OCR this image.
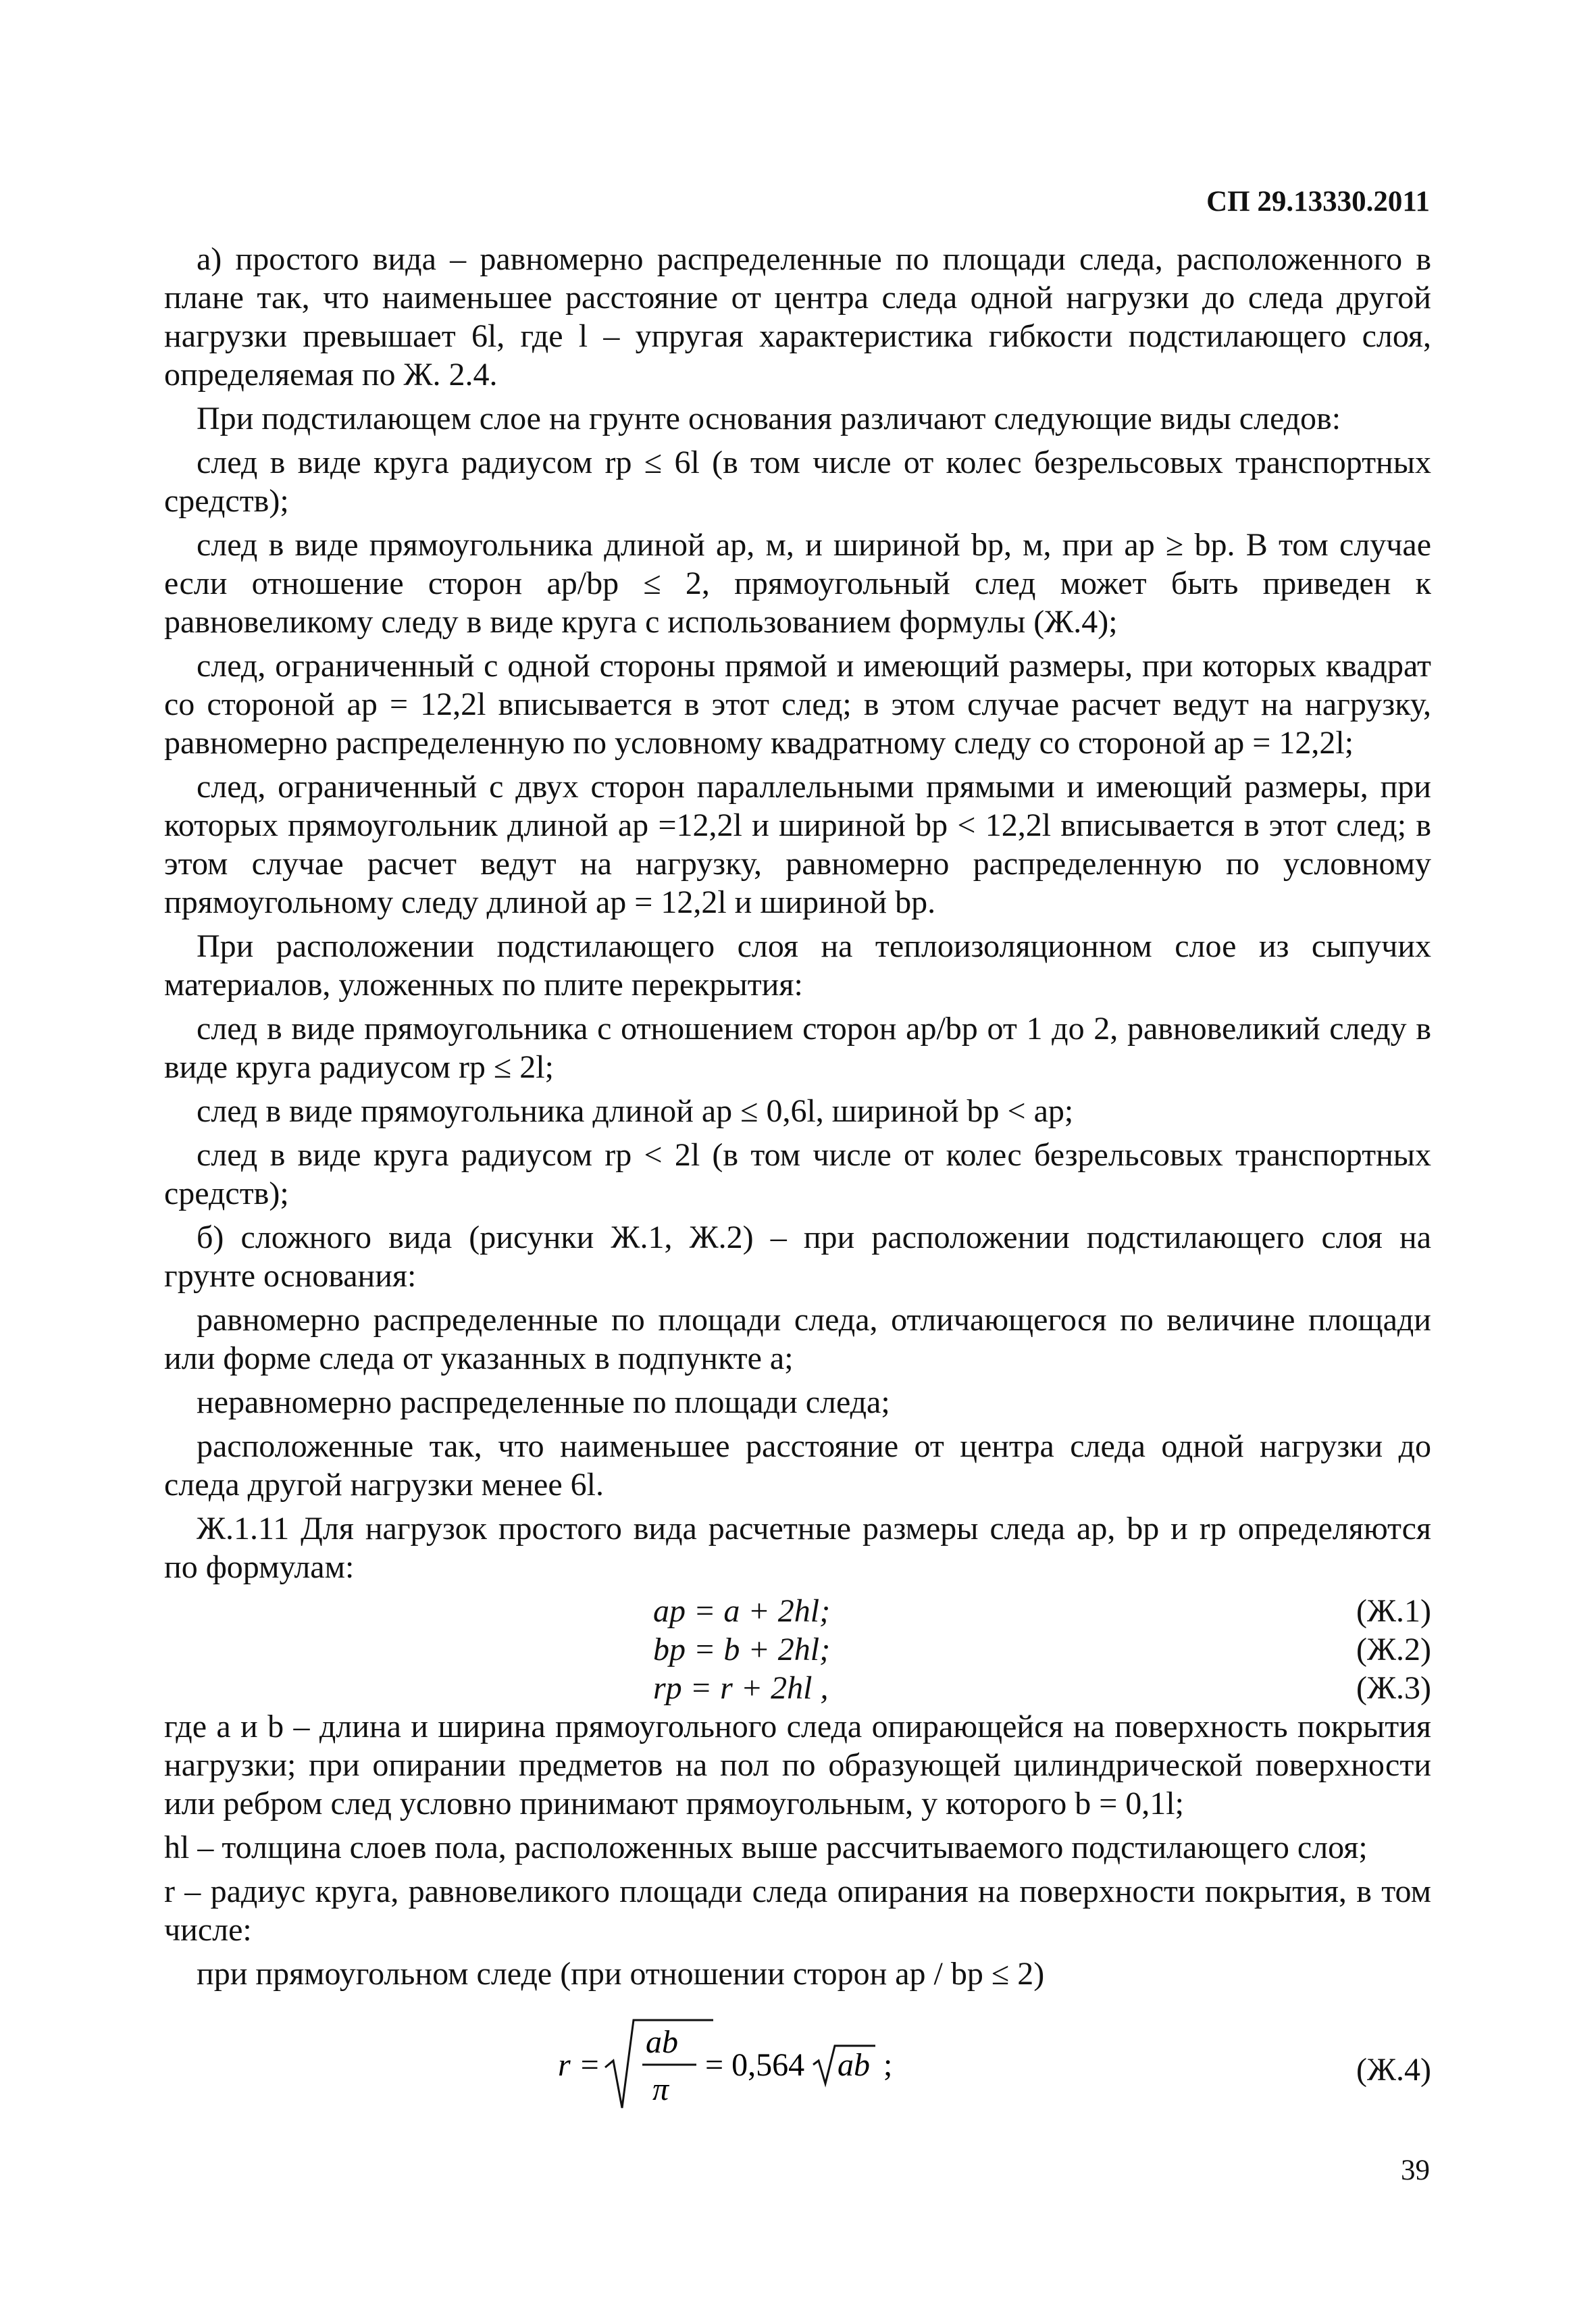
СП 29.13330.2011

а) простого вида – равномерно распределенные по площади следа, расположенного в плане так, что наименьшее расстояние от центра следа одной нагрузки до следа другой нагрузки превышает 6l, где l – упругая характеристика гибкости подстилающего слоя, определяемая по Ж. 2.4.

При подстилающем слое на грунте основания различают следующие виды следов:

след в виде круга радиусом rp ≤ 6l (в том числе от колес безрельсовых транспортных средств);

след в виде прямоугольника длиной ap, м, и шириной bp, м, при ap ≥ bp. В том случае если отношение сторон ap/bp ≤ 2, прямоугольный след может быть приведен к равновеликому следу в виде круга с использованием формулы (Ж.4);

след, ограниченный с одной стороны прямой и имеющий размеры, при которых квадрат со стороной ap = 12,2l вписывается в этот след; в этом случае расчет ведут на нагрузку, равномерно распределенную по условному квадратному следу со стороной ap = 12,2l;

след, ограниченный с двух сторон параллельными прямыми и имеющий размеры, при которых прямоугольник длиной ap =12,2l и шириной bp < 12,2l вписывается в этот след; в этом случае расчет ведут на нагрузку, равномерно распределенную по условному прямоугольному следу длиной ap = 12,2l и шириной bp.

При расположении подстилающего слоя на теплоизоляционном слое из сыпучих материалов, уложенных по плите перекрытия:

след в виде прямоугольника с отношением сторон ap/bp от 1 до 2, равновеликий следу в виде круга радиусом rp ≤ 2l;

след в виде прямоугольника длиной ap ≤ 0,6l, шириной bp < ap;

след в виде круга радиусом rp < 2l (в том числе от колес безрельсовых транспортных средств);

б) сложного вида (рисунки Ж.1, Ж.2) – при расположении подстилающего слоя на грунте основания:

равномерно распределенные по площади следа, отличающегося по величине площади или форме следа от указанных в подпункте а;

неравномерно распределенные по площади следа;

расположенные так, что наименьшее расстояние от центра следа одной нагрузки до следа другой нагрузки менее 6l.

Ж.1.11 Для нагрузок простого вида расчетные размеры следа ap, bp и rp определяются по формулам:

ap = a + 2hl;	(Ж.1)
bp = b + 2hl;	(Ж.2)
rp = r + 2hl ,	(Ж.3)

где a и b – длина и ширина прямоугольного следа опирающейся на поверхность покрытия нагрузки; при опирании предметов на пол по образующей цилиндрической поверхности или ребром след условно принимают прямоугольным, у которого b = 0,1l;

hl – толщина слоев пола, расположенных выше рассчитываемого подстилающего слоя;

r – радиус круга, равновеликого площади следа опирания на поверхности покрытия, в том числе:

при прямоугольном следе (при отношении сторон ap / bp ≤ 2)

r =
ab
π
= 0,564 ab ;	(Ж.4)
39
